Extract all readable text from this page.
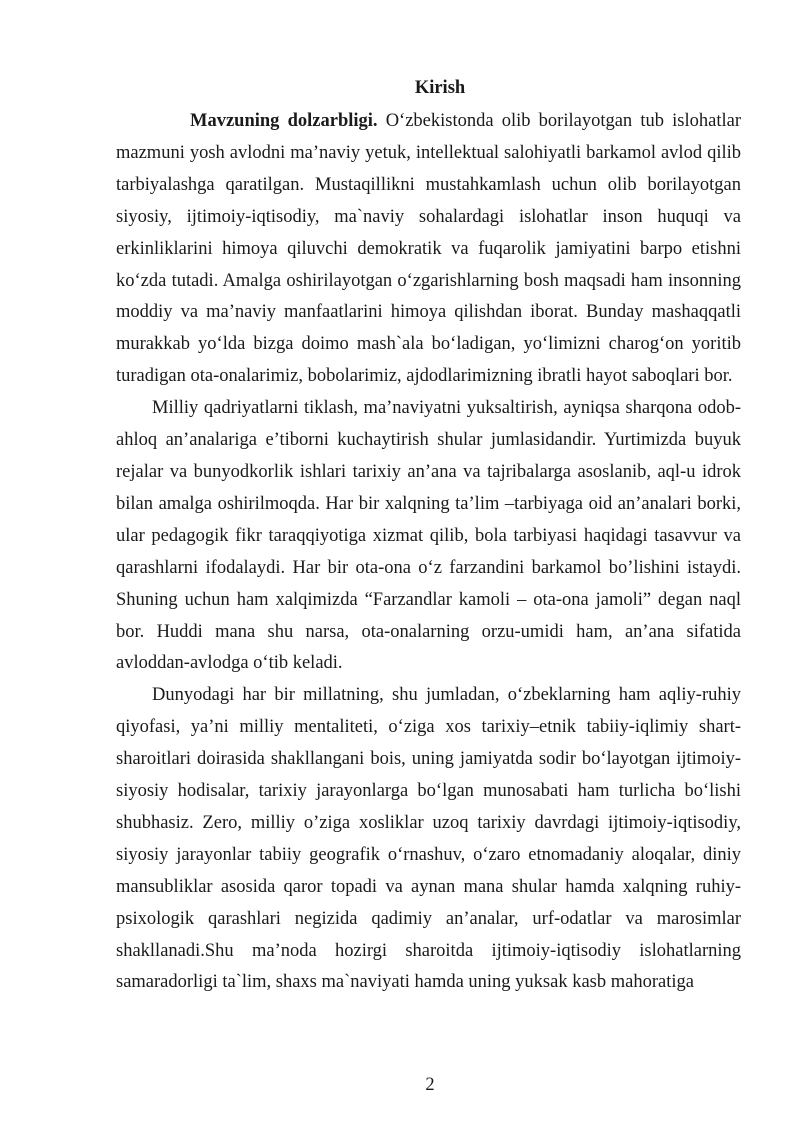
Kirish

Mavzuning dolzarbligi. O‘zbekistonda olib borilayotgan tub islohatlar mazmuni yosh avlodni ma’naviy yetuk, intellektual salohiyatli barkamol avlod qilib tarbiyalashga qaratilgan. Mustaqillikni mustahkamlash uchun olib borilayotgan siyosiy, ijtimoiy-iqtisodiy, ma`naviy sohalardagi islohatlar inson huquqi va erkinliklarini himoya qiluvchi demokratik va fuqarolik jamiyatini barpo etishni ko‘zda tutadi. Amalga oshirilayotgan o‘zgarishlarning bosh maqsadi ham insonning moddiy va ma’naviy manfaatlarini himoya qilishdan iborat. Bunday mashaqqatli murakkab yo‘lda bizga doimo mash`ala bo‘ladigan, yo‘limizni charog‘on yoritib turadigan ota-onalarimiz, bobolarimiz, ajdodlarimizning ibratli hayot saboqlari bor.

Milliy qadriyatlarni tiklash, ma’naviyatni yuksaltirish, ayniqsa sharqona odob-ahloq an’analariga e’tiborni kuchaytirish shular jumlasidandir. Yurtimizda buyuk rejalar va bunyodkorlik ishlari tarixiy an’ana va tajribalarga asoslanib, aql-u idrok bilan amalga oshirilmoqda. Har bir xalqning ta’lim –tarbiyaga oid an’analari borki, ular pedagogik fikr taraqqiyotiga xizmat qilib, bola tarbiyasi haqidagi tasavvur va qarashlarni ifodalaydi. Har bir ota-ona o‘z farzandini barkamol bo’lishini istaydi. Shuning uchun ham xalqimizda “Farzandlar kamoli – ota-ona jamoli” degan naql bor. Huddi mana shu narsa, ota-onalarning orzu-umidi ham, an’ana sifatida avloddan-avlodga o‘tib keladi.

Dunyodagi har bir millatning, shu jumladan, o‘zbeklarning ham aqliy-ruhiy qiyofasi, ya’ni milliy mentaliteti, o‘ziga xos tarixiy–etnik tabiiy-iqlimiy shart-sharoitlari doirasida shakllangani bois, uning jamiyatda sodir bo‘layotgan ijtimoiy-siyosiy hodisalar, tarixiy jarayonlarga bo‘lgan munosabati ham turlicha bo‘lishi shubhasiz. Zero, milliy o’ziga xosliklar uzoq tarixiy davrdagi ijtimoiy-iqtisodiy, siyosiy jarayonlar tabiiy geografik o‘rnashuv, o‘zaro etnomadaniy aloqalar, diniy mansubliklar asosida qaror topadi va aynan mana shular hamda xalqning ruhiy-psixologik qarashlari negizida qadimiy an’analar, urf-odatlar va marosimlar shakllanadi.Shu ma’noda hozirgi sharoitda ijtimoiy-iqtisodiy islohatlarning samaradorligi ta`lim, shaxs ma`naviyati hamda uning yuksak kasb mahoratiga

2
